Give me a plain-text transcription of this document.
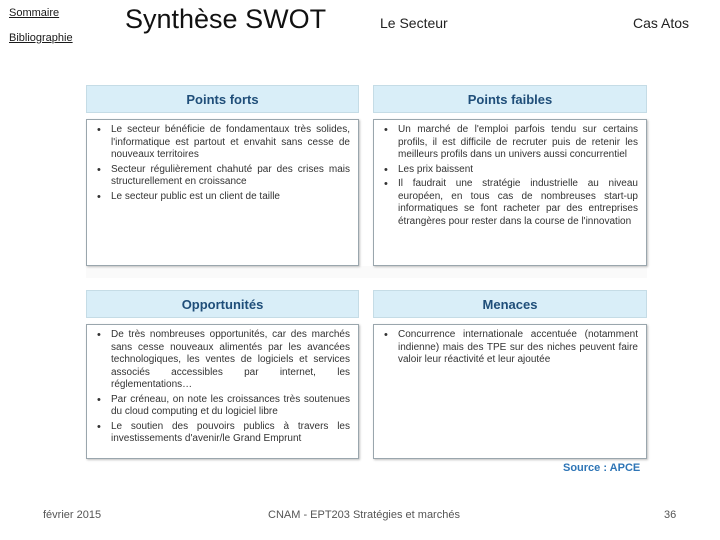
Sommaire
Bibliographie
Synthèse SWOT	Le Secteur	Cas Atos
Points forts
• Le secteur bénéficie de fondamentaux très solides, l'informatique est partout et envahit sans cesse de nouveaux territoires
• Secteur régulièrement chahuté par des crises mais structurellement en croissance
• Le secteur public est un client de taille
Points faibles
• Un marché de l'emploi parfois tendu sur certains profils, il est difficile de recruter puis de retenir les meilleurs profils dans un univers aussi concurrentiel
• Les prix baissent
• Il faudrait une stratégie industrielle au niveau européen, en tous cas de nombreuses start-up informatiques se font racheter par des entreprises étrangères pour rester dans la course de l'innovation
Opportunités
• De très nombreuses opportunités, car des marchés sans cesse nouveaux alimentés par les avancées technologiques, les ventes de logiciels et services associés accessibles par internet, les réglementations…
• Par créneau, on note les croissances très soutenues du cloud computing et du logiciel libre
• Le soutien des pouvoirs publics à travers les investissements d'avenir/le Grand Emprunt
Menaces
• Concurrence internationale accentuée (notamment indienne) mais des TPE sur des niches peuvent faire valoir leur réactivité et leur ajoutée
Source : APCE
février 2015	CNAM - EPT203 Stratégies et marchés	36
